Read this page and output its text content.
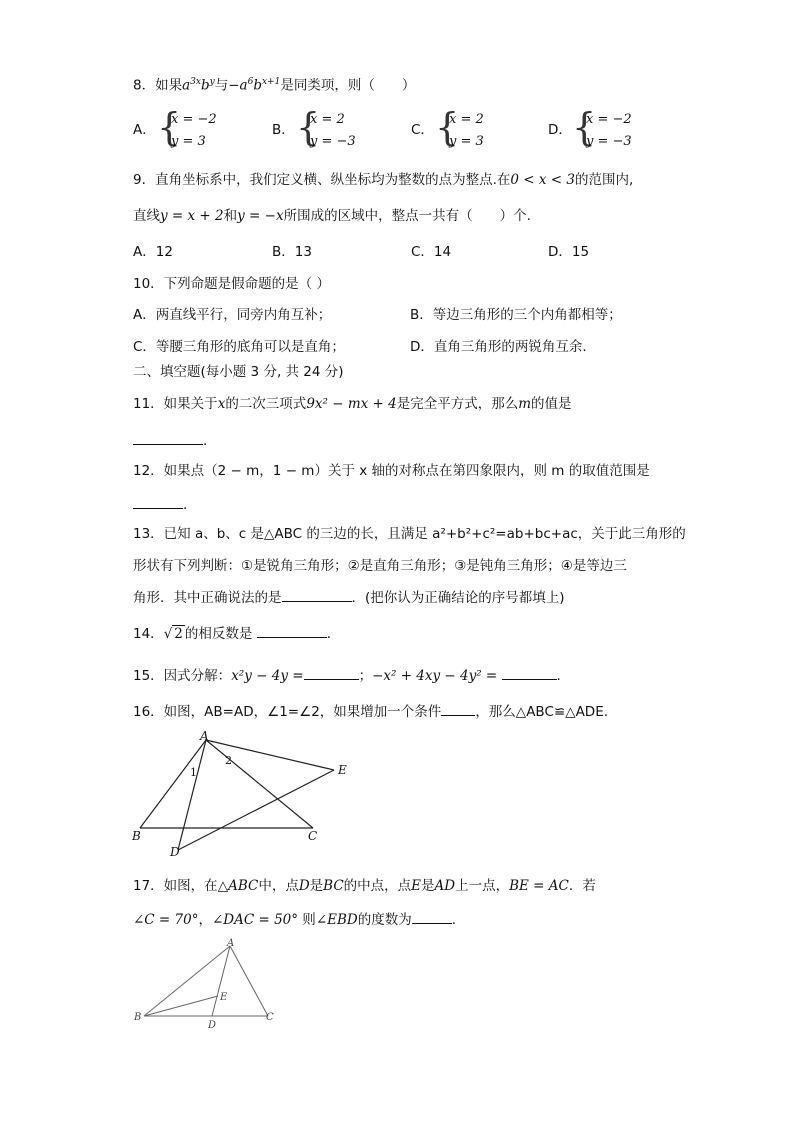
8．如果$a^{3x}b^y$与$-a^6b^{x+1}$是同类项，则（　　）
A． {
x = −2
y = 3
B． {
x = 2
y = −3
C． {
x = 2
y = 3
D． {
x = −2
y = −3
9．直角坐标系中，我们定义横、纵坐标均为整数的点为整点.在0 < x < 3的范围内,
直线y = x + 2和y = −x所围成的区域中，整点一共有（　　）个.
A．12	B．13	C．14	D．15
10．下列命题是假命题的是（ ）
A．两直线平行，同旁内角互补；	B．等边三角形的三个内角都相等；
C．等腰三角形的底角可以是直角；	D．直角三角形的两锐角互余.
二、填空题(每小题 3 分, 共 24 分)
11．如果关于x的二次三项式9x² − mx + 4是完全平方式，那么m的值是
.
12．如果点（2 − m，1 − m）关于 x 轴的对称点在第四象限内，则 m 的取值范围是
.
13．已知 a、b、c 是△ABC 的三边的长，且满足 a²+b²+c²=ab+bc+ac，关于此三角形的
形状有下列判断：①是锐角三角形；②是直角三角形；③是钝角三角形；④是等边三
角形．其中正确说法的是	．(把你认为正确结论的序号都填上)
14．√ 2 的相反数是	.
15．因式分解：x²y − 4y =	；−x² + 4xy − 4y² =	.
16．如图，AB=AD，∠1=∠2，如果增加一个条件	，那么△ABC≌△ADE.
A
B	C
D
E
1
2
17．如图，在△ABC中，点D是BC的中点，点E是AD上一点，BE = AC．若
∠C = 70°，∠DAC = 50° 则∠EBD的度数为	.
A
B	C
D
E
